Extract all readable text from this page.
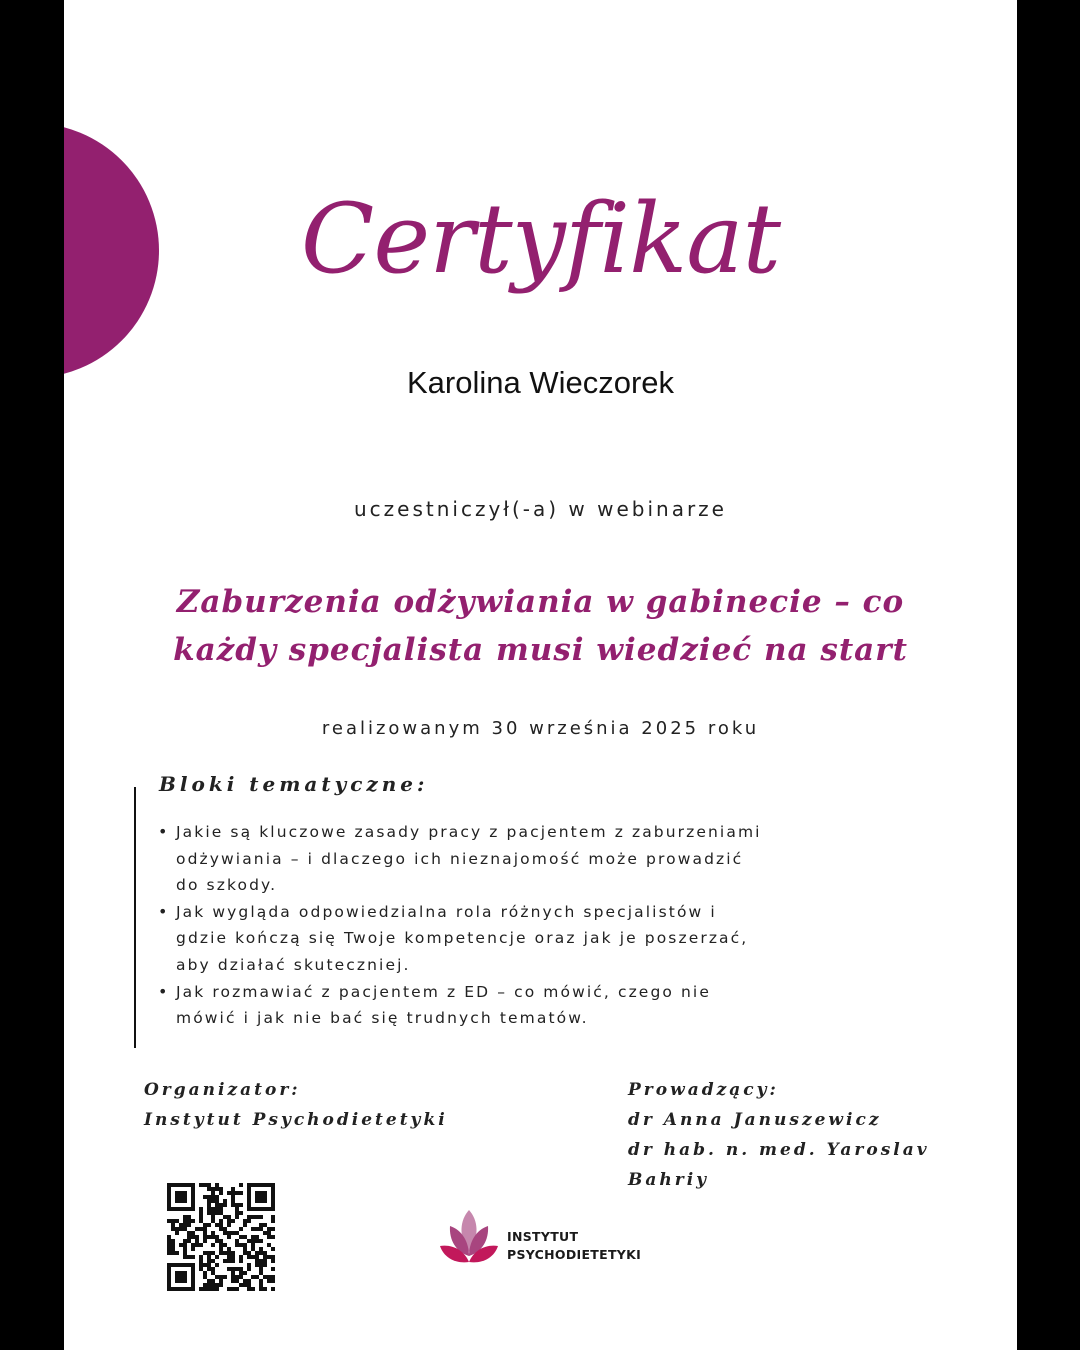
Certyfikat
Karolina Wieczorek
uczestniczył(-a) w webinarze
Zaburzenia odżywiania w gabinecie – co
każdy specjalista musi wiedzieć na start
realizowanym 30 września 2025 roku
Bloki tematyczne:
• Jakie są kluczowe zasady pracy z pacjentem z zaburzeniami
odżywiania – i dlaczego ich nieznajomość może prowadzić
do szkody.
• Jak wygląda odpowiedzialna rola różnych specjalistów i
gdzie kończą się Twoje kompetencje oraz jak je poszerzać,
aby działać skuteczniej.
• Jak rozmawiać z pacjentem z ED – co mówić, czego nie
mówić i jak nie bać się trudnych tematów.
Organizator:
Instytut Psychodietetyki
Prowadzący:
dr Anna Januszewicz
dr hab. n. med. Yaroslav Bahriy
INSTYTUT
PSYCHODIETETYKI
